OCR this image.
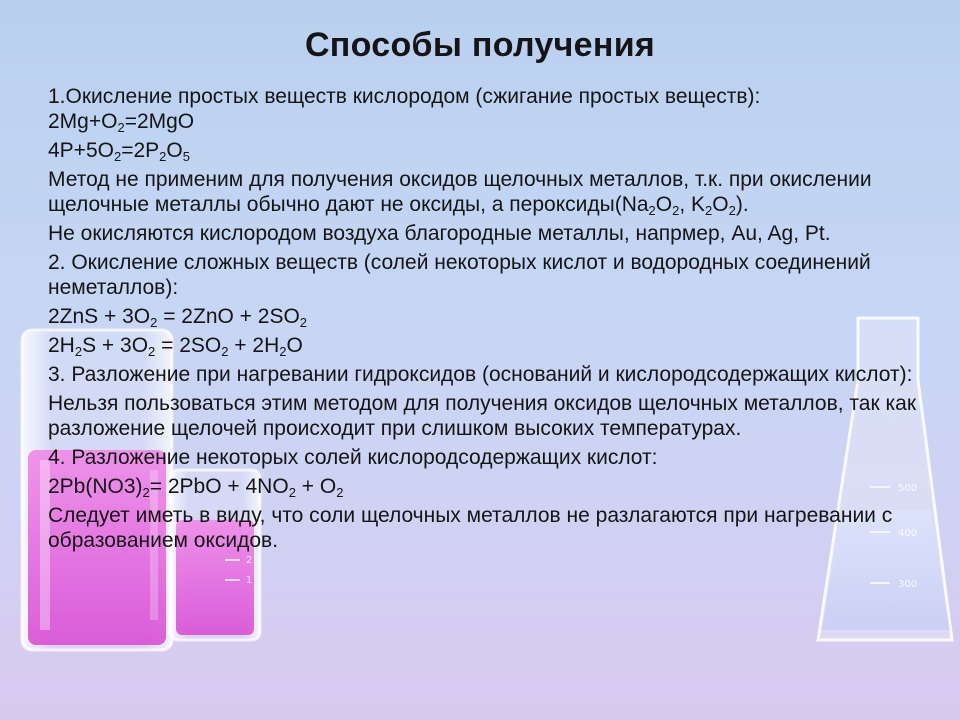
1
2
500
400
300
Способы получения

1.Окисление простых веществ кислородом (сжигание простых веществ):

$2Mg+O_2=2MgO$

$4P+5O_2=2P_2O_5$

Метод не применим для получения оксидов щелочных металлов, т.к. при окислении щелочные металлы обычно дают не оксиды, а $пероксиды(Na_2O_2$, $K_2O_2$).

Не окисляются кислородом воздуха благородные металлы, напрмер, Au, Ag, Pt.

2. Окисление сложных веществ (солей некоторых кислот и водородных соединений неметаллов):

$2ZnS + 3O_2 = 2ZnO + 2SO_2$

$2H_2S + 3O_2 = 2SO_2 + 2H_2O$

3. Разложение при нагревании гидроксидов (оснований и кислородсодержащих кислот):

Нельзя пользоваться этим методом для получения оксидов щелочных металлов, так как разложение щелочей происходит при слишком высоких температурах.

4. Разложение некоторых солей кислородсодержащих кислот:

$2Pb(NO3)_2= 2PbO + 4NO_2 + O_2$

Следует иметь в виду, что соли щелочных металлов не разлагаются при нагревании с образованием оксидов.
